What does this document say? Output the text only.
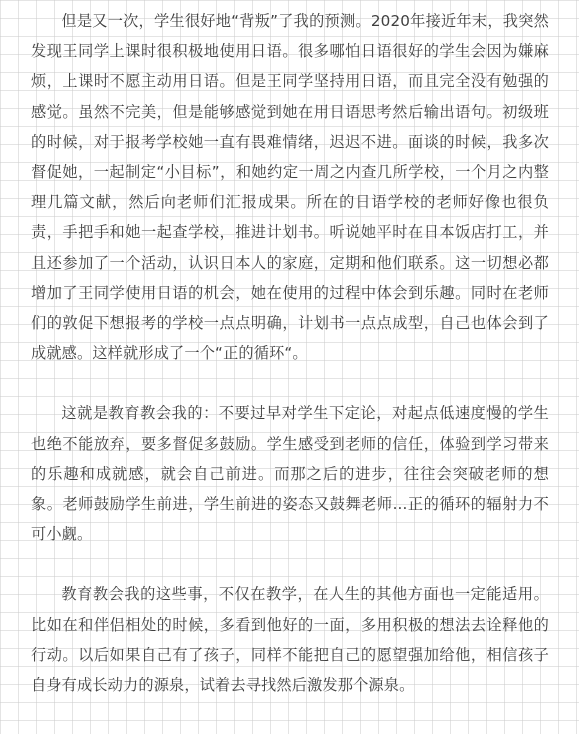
但是又一次，学生很好地“背叛”了我的预测。2020年接近年末，我突然发现王同学上课时很积极地使用日语。很多哪怕日语很好的学生会因为嫌麻烦，上课时不愿主动用日语。但是王同学坚持用日语，而且完全没有勉强的感觉。虽然不完美，但是能够感觉到她在用日语思考然后输出语句。初级班的时候，对于报考学校她一直有畏难情绪，迟迟不进。面谈的时候，我多次督促她，一起制定“小目标”，和她约定一周之内查几所学校，一个月之内整理几篇文献，然后向老师们汇报成果。所在的日语学校的老师好像也很负责，手把手和她一起查学校，推进计划书。听说她平时在日本饭店打工，并且还参加了一个活动，认识日本人的家庭，定期和他们联系。这一切想必都增加了王同学使用日语的机会，她在使用的过程中体会到乐趣。同时在老师们的敦促下想报考的学校一点点明确，计划书一点点成型，自己也体会到了成就感。这样就形成了一个“正的循环“。

这就是教育教会我的：不要过早对学生下定论，对起点低速度慢的学生也绝不能放弃，要多督促多鼓励。学生感受到老师的信任，体验到学习带来的乐趣和成就感，就会自己前进。而那之后的进步，往往会突破老师的想象。老师鼓励学生前进，学生前进的姿态又鼓舞老师...正的循环的辐射力不可小觑。

教育教会我的这些事，不仅在教学，在人生的其他方面也一定能适用。比如在和伴侣相处的时候，多看到他好的一面，多用积极的想法去诠释他的行动。以后如果自己有了孩子，同样不能把自己的愿望强加给他，相信孩子自身有成长动力的源泉，试着去寻找然后激发那个源泉。
